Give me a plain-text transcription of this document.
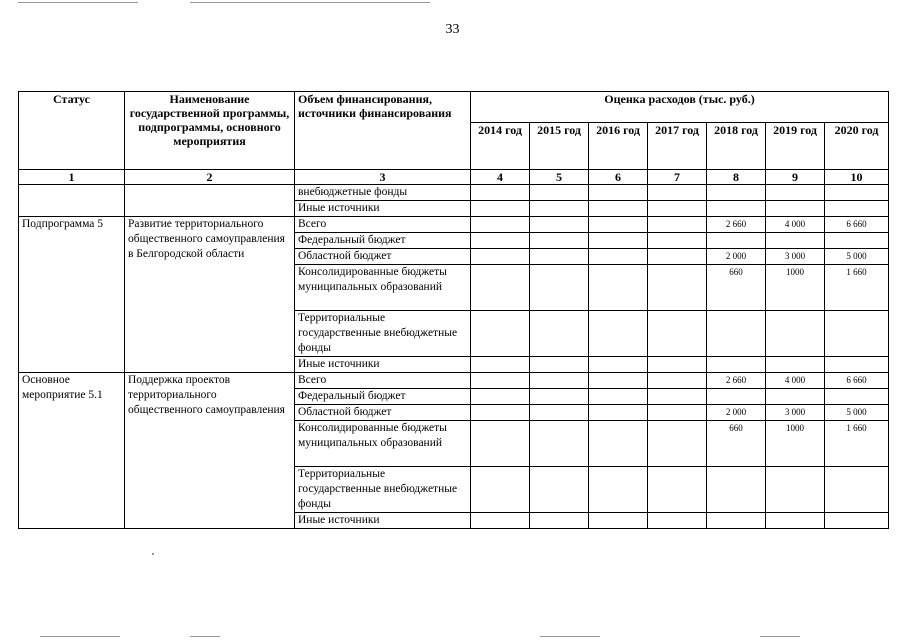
33
Статус	Наименование государственной программы, подпрограммы, основного мероприятия	Объем финансирования, источники финансирования	Оценка расходов (тыс. руб.)						
			2014 год	2015 год	2016 год	2017 год	2018 год	2019 год	2020 год
1	2	3	4	5	6	7	8	9	10
		внебюджетные фонды							
		Иные источники							
Подпрограмма 5	Развитие территориального общественного самоуправления в Белгородской области	Всего					2 660	4 000	6 660
		Федеральный бюджет							
		Областной бюджет					2 000	3 000	5 000
		Консолидированные бюджеты муниципальных образований					660	1000	1 660
		Территориальные государственные внебюджетные фонды							
		Иные источники							
Основное мероприятие 5.1	Поддержка проектов территориального общественного самоуправления	Всего					2 660	4 000	6 660
		Федеральный бюджет							
		Областной бюджет					2 000	3 000	5 000
		Консолидированные бюджеты муниципальных образований					660	1000	1 660
		Территориальные государственные внебюджетные фонды							
		Иные источники							
